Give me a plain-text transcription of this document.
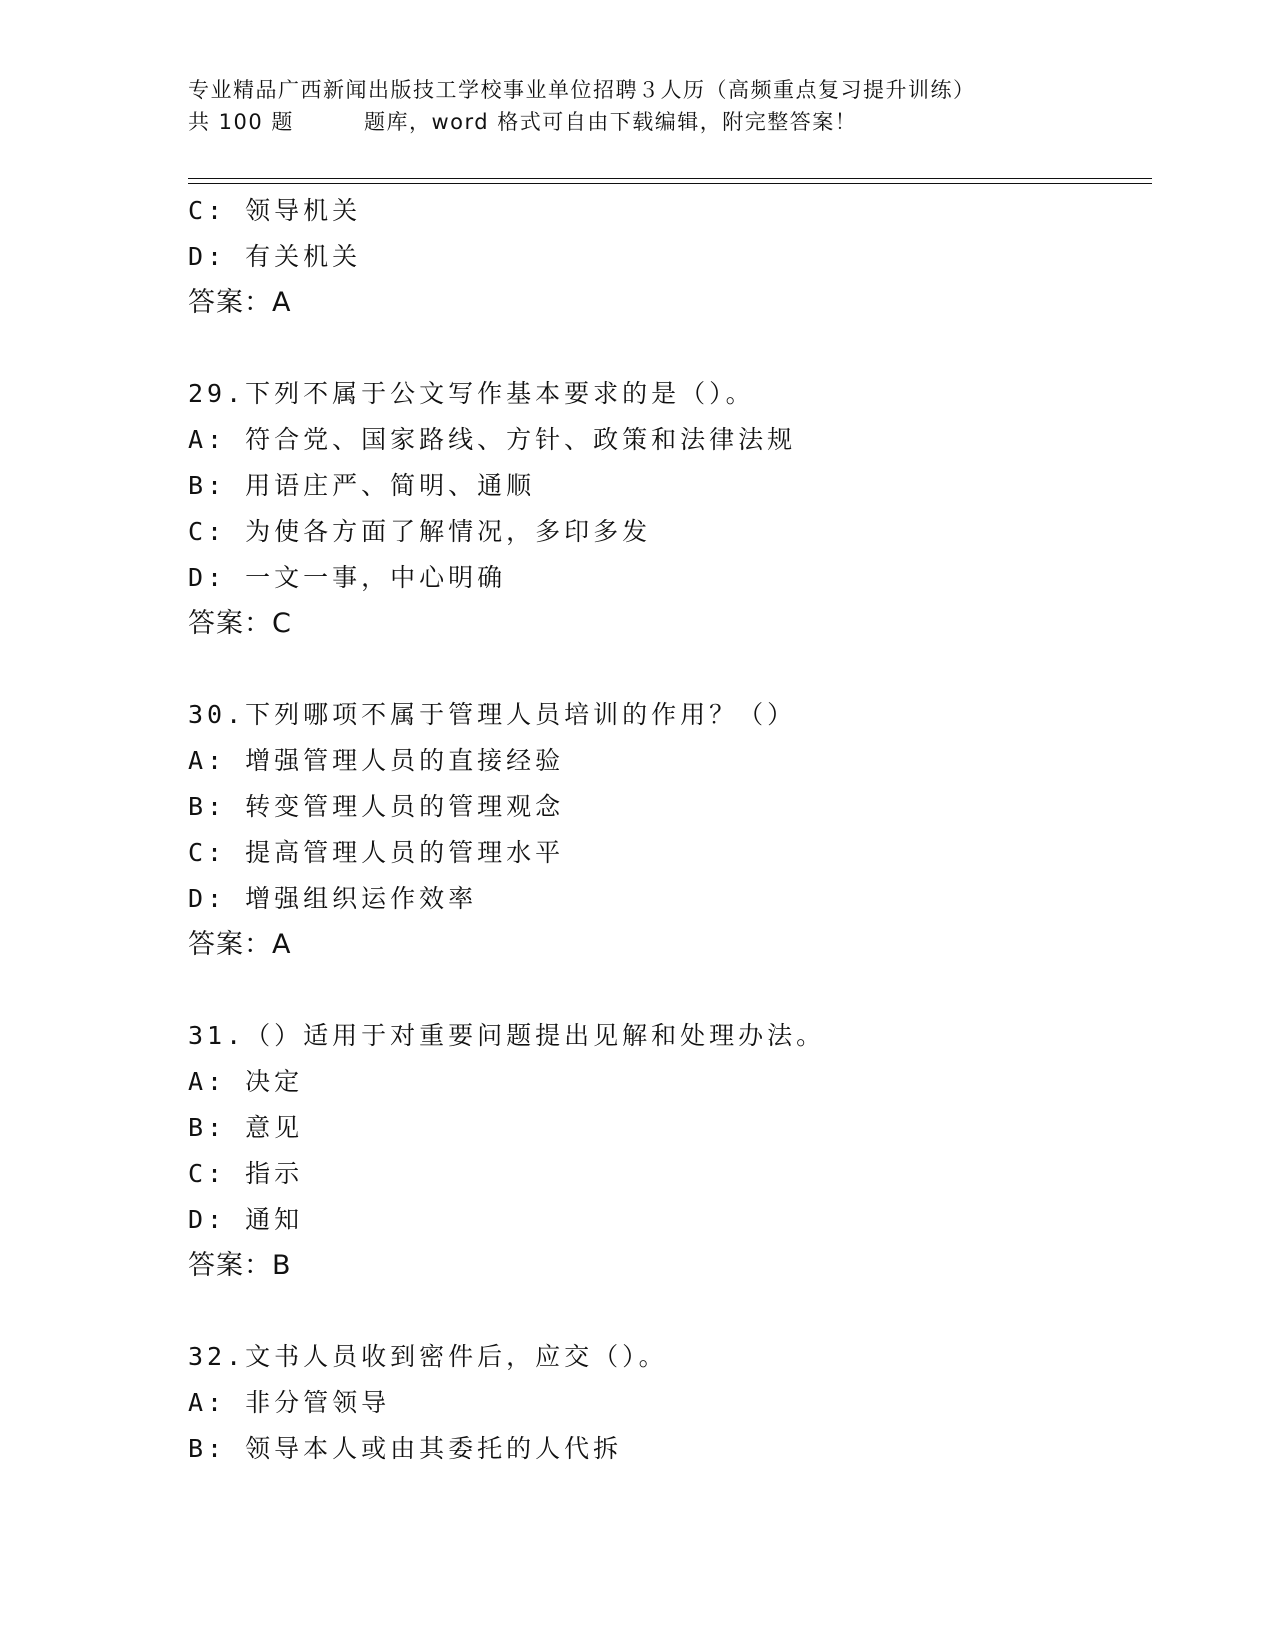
专业精品广西新闻出版技工学校事业单位招聘３人历（高频重点复习提升训练）
共 100 题	题库，word 格式可自由下载编辑，附完整答案！
C: 领导机关
D: 有关机关
答案：A
29.下列不属于公文写作基本要求的是（）。
A: 符合党、国家路线、方针、政策和法律法规
B: 用语庄严、简明、通顺
C: 为使各方面了解情况，多印多发
D: 一文一事，中心明确
答案：C
30.下列哪项不属于管理人员培训的作用？（）
A: 增强管理人员的直接经验
B: 转变管理人员的管理观念
C: 提高管理人员的管理水平
D: 增强组织运作效率
答案：A
31.（）适用于对重要问题提出见解和处理办法。
A: 决定
B: 意见
C: 指示
D: 通知
答案：B
32.文书人员收到密件后，应交（）。
A: 非分管领导
B: 领导本人或由其委托的人代拆
